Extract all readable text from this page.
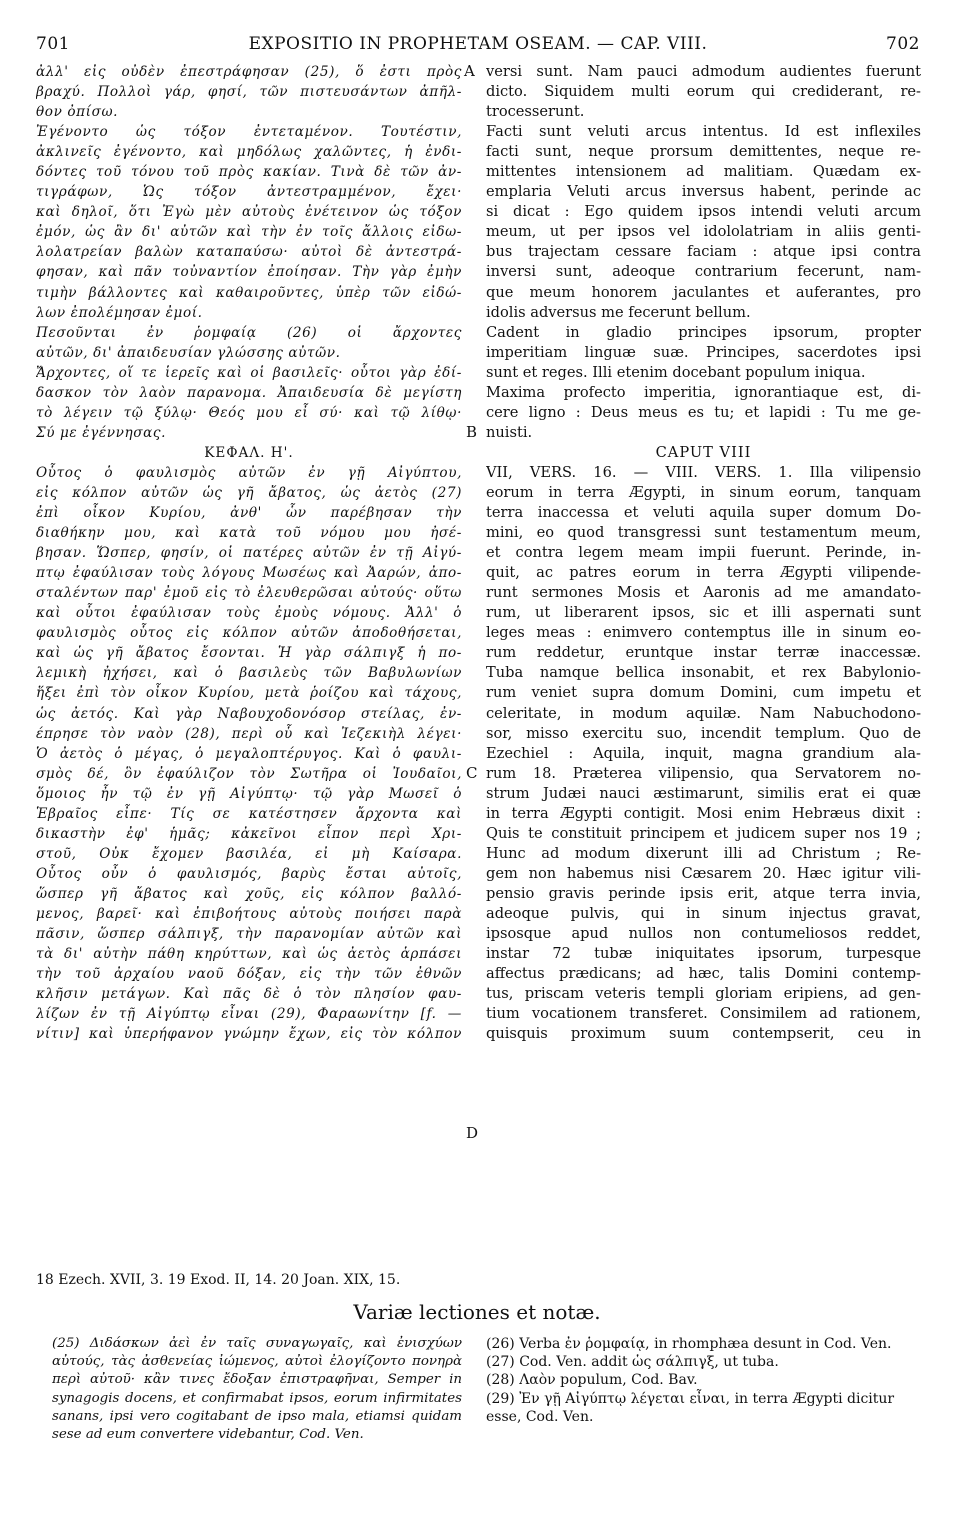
701	EXPOSITIO IN PROPHETAM OSEAM. — CAP. VIII.	702
ἀλλ' εἰς οὐδὲν ἐπεστράφησαν (25), ὅ ἐστι πρὸς
βραχύ. Πολλοὶ γάρ, φησί, τῶν πιστευσάντων ἀπῆλ-
θον ὀπίσω.
Ἐγένοντο ὡς τόξον ἐντεταμένον. Τουτέστιν,
ἀκλινεῖς ἐγένοντο, καὶ μηδόλως χαλῶντες, ἡ ἐνδι-
δόντες τοῦ τόνου τοῦ πρὸς κακίαν. Τινὰ δὲ τῶν ἀν-
τιγράφων, Ὡς τόξον ἀντεστραμμένον, ἔχει·
καὶ δηλοῖ, ὅτι Ἐγὼ μὲν αὐτοὺς ἐνέτεινον ὡς τόξον
ἐμόν, ὡς ἂν δι' αὐτῶν καὶ τὴν ἐν τοῖς ἄλλοις εἰδω-
λολατρείαν βαλὼν καταπαύσω· αὐτοὶ δὲ ἀντεστρά-
φησαν, καὶ πᾶν τοὐναντίον ἐποίησαν. Τὴν γὰρ ἐμὴν
τιμὴν βάλλοντες καὶ καθαιροῦντες, ὑπὲρ τῶν εἰδώ-
λων ἐπολέμησαν ἐμοί.
Πεσοῦνται ἐν ῥομφαίᾳ (26) οἱ ἄρχοντες
αὐτῶν, δι' ἀπαιδευσίαν γλώσσης αὐτῶν.
Ἄρχοντες, οἵ τε ἱερεῖς καὶ οἱ βασιλεῖς· οὗτοι γὰρ ἐδί-
δασκον τὸν λαὸν παρανομα. Ἀπαιδευσία δὲ μεγίστη
τὸ λέγειν τῷ ξύλῳ· Θεός μου εἶ σύ· καὶ τῷ λίθῳ·
Σύ με ἐγέννησας.
ΚΕΦΑΛ. Η'.
Οὗτος ὁ φαυλισμὸς αὐτῶν ἐν γῇ Αἰγύπτου,
εἰς κόλπον αὐτῶν ὡς γῆ ἄβατος, ὡς ἀετὸς (27)
ἐπὶ οἶκον Κυρίου, ἀνθ' ὧν παρέβησαν τὴν
διαθήκην μου, καὶ κατὰ τοῦ νόμου μου ἠσέ-
βησαν. Ὥσπερ, φησίν, οἱ πατέρες αὐτῶν ἐν τῇ Αἰγύ-
πτῳ ἐφαύλισαν τοὺς λόγους Μωσέως καὶ Ἀαρών, ἀπο-
σταλέντων παρ' ἐμοῦ εἰς τὸ ἐλευθερῶσαι αὐτούς· οὕτω
καὶ οὗτοι ἐφαύλισαν τοὺς ἐμοὺς νόμους. Ἀλλ' ὁ
φαυλισμὸς οὗτος εἰς κόλπον αὐτῶν ἀποδοθήσεται,
καὶ ὡς γῆ ἄβατος ἔσονται. Ἡ γὰρ σάλπιγξ ἡ πο-
λεμικὴ ἠχήσει, καὶ ὁ βασιλεὺς τῶν Βαβυλωνίων
ἥξει ἐπὶ τὸν οἶκον Κυρίου, μετὰ ῥοίζου καὶ τάχους,
ὡς ἀετός. Καὶ γὰρ Ναβουχοδονόσορ στείλας, ἐν-
έπρησε τὸν ναὸν (28), περὶ οὗ καὶ Ἰεζεκιὴλ λέγει·
Ὁ ἀετὸς ὁ μέγας, ὁ μεγαλοπτέρυγος. Καὶ ὁ φαυλι-
σμὸς δέ, ὃν ἐφαύλιζον τὸν Σωτῆρα οἱ Ἰουδαῖοι,
ὅμοιος ἦν τῷ ἐν γῇ Αἰγύπτῳ· τῷ γὰρ Μωσεῖ ὁ
Ἑβραῖος εἶπε· Τίς σε κατέστησεν ἄρχοντα καὶ
δικαστὴν ἐφ' ἡμᾶς; κἀκεῖνοι εἶπον περὶ Χρι-
στοῦ, Οὐκ ἔχομεν βασιλέα, εἰ μὴ Καίσαρα.
Οὗτος οὖν ὁ φαυλισμός, βαρὺς ἔσται αὐτοῖς,
ὥσπερ γῆ ἄβατος καὶ χοῦς, εἰς κόλπον βαλλό-
μενος, βαρεῖ· καὶ ἐπιβοήτους αὐτοὺς ποιήσει παρὰ
πᾶσιν, ὥσπερ σάλπιγξ, τὴν παρανομίαν αὐτῶν καὶ
τὰ δι' αὐτὴν πάθη κηρύττων, καὶ ὡς ἀετὸς ἁρπάσει
τὴν τοῦ ἀρχαίου ναοῦ δόξαν, εἰς τὴν τῶν ἐθνῶν
κλῆσιν μετάγων. Καὶ πᾶς δὲ ὁ τὸν πλησίον φαυ-
λίζων ἐν τῇ Αἰγύπτῳ εἶναι (29), Φαραωνίτην [f. —
νίτιν] καὶ ὑπερήφανον γνώμην ἔχων, εἰς τὸν κόλπον
versi sunt. Nam pauci admodum audientes fuerunt
dicto. Siquidem multi eorum qui crediderant, re-
trocesserunt.
Facti sunt veluti arcus intentus. Id est inflexiles
facti sunt, neque prorsum demittentes, neque re-
mittentes intensionem ad malitiam. Quædam ex-
emplaria Veluti arcus inversus habent, perinde ac
si dicat : Ego quidem ipsos intendi veluti arcum
meum, ut per ipsos vel idololatriam in aliis genti-
bus trajectam cessare faciam : atque ipsi contra
inversi sunt, adeoque contrarium fecerunt, nam-
que meum honorem jaculantes et auferantes, pro
idolis adversus me fecerunt bellum.
Cadent in gladio principes ipsorum, propter
imperitiam linguæ suæ. Principes, sacerdotes ipsi
sunt et reges. Illi etenim docebant populum iniqua.
Maxima profecto imperitia, ignorantiaque est, di-
cere ligno : Deus meus es tu; et lapidi : Tu me ge-
nuisti.
CAPUT VIII
VII, VERS. 16. — VIII. VERS. 1. Illa vilipensio
eorum in terra Ægypti, in sinum eorum, tanquam
terra inaccessa et veluti aquila super domum Do-
mini, eo quod transgressi sunt testamentum meum,
et contra legem meam impii fuerunt. Perinde, in-
quit, ac patres eorum in terra Ægypti vilipende-
runt sermones Mosis et Aaronis ad me amandato-
rum, ut liberarent ipsos, sic et illi aspernati sunt
leges meas : enimvero contemptus ille in sinum eo-
rum reddetur, eruntque instar terræ inaccessæ.
Tuba namque bellica insonabit, et rex Babylonio-
rum veniet supra domum Domini, cum impetu et
celeritate, in modum aquilæ. Nam Nabuchodono-
sor, misso exercitu suo, incendit templum. Quo de
Ezechiel : Aquila, inquit, magna grandium ala-
rum 18. Præterea vilipensio, qua Servatorem no-
strum Judæi nauci æstimarunt, similis erat ei quæ
in terra Ægypti contigit. Mosi enim Hebræus dixit :
Quis te constituit principem et judicem super nos 19 ;
Hunc ad modum dixerunt illi ad Christum ; Re-
gem non habemus nisi Cæsarem 20. Hæc igitur vili-
pensio gravis perinde ipsis erit, atque terra invia,
adeoque pulvis, qui in sinum injectus gravat,
ipsosque apud nullos non contumeliosos reddet,
instar 72 tubæ iniquitates ipsorum, turpesque
affectus prædicans; ad hæc, talis Domini contemp-
tus, priscam veteris templi gloriam eripiens, ad gen-
tium vocationem transferet. Consimilem ad rationem,
quisquis proximum suum contempserit, ceu in
A
B
C
D
18 Ezech. XVII, 3. 19 Exod. II, 14. 20 Joan. XIX, 15.
Variæ lectiones et notæ.
(25) Διδάσκων ἀεὶ ἐν ταῖς συναγωγαῖς, καὶ ἐνισχύων αὐτούς, τὰς ἀσθενείας ἰώμενος, αὐτοὶ ἐλογίζοντο πονηρὰ περὶ αὐτοῦ· κἂν τινες ἔδοξαν ἐπιστραφῆναι, Semper in synagogis docens, et confirmabat ipsos, eorum infirmitates sanans, ipsi vero cogitabant de ipso mala, etiamsi quidam sese ad eum convertere videbantur, Cod. Ven.

(26) Verba ἐν ῥομφαίᾳ, in rhomphæa desunt in Cod. Ven.

(27) Cod. Ven. addit ὡς σάλπιγξ, ut tuba.

(28) Λαὸν populum, Cod. Bav.

(29) Ἐν γῇ Αἰγύπτῳ λέγεται εἶναι, in terra Ægypti dicitur esse, Cod. Ven.
